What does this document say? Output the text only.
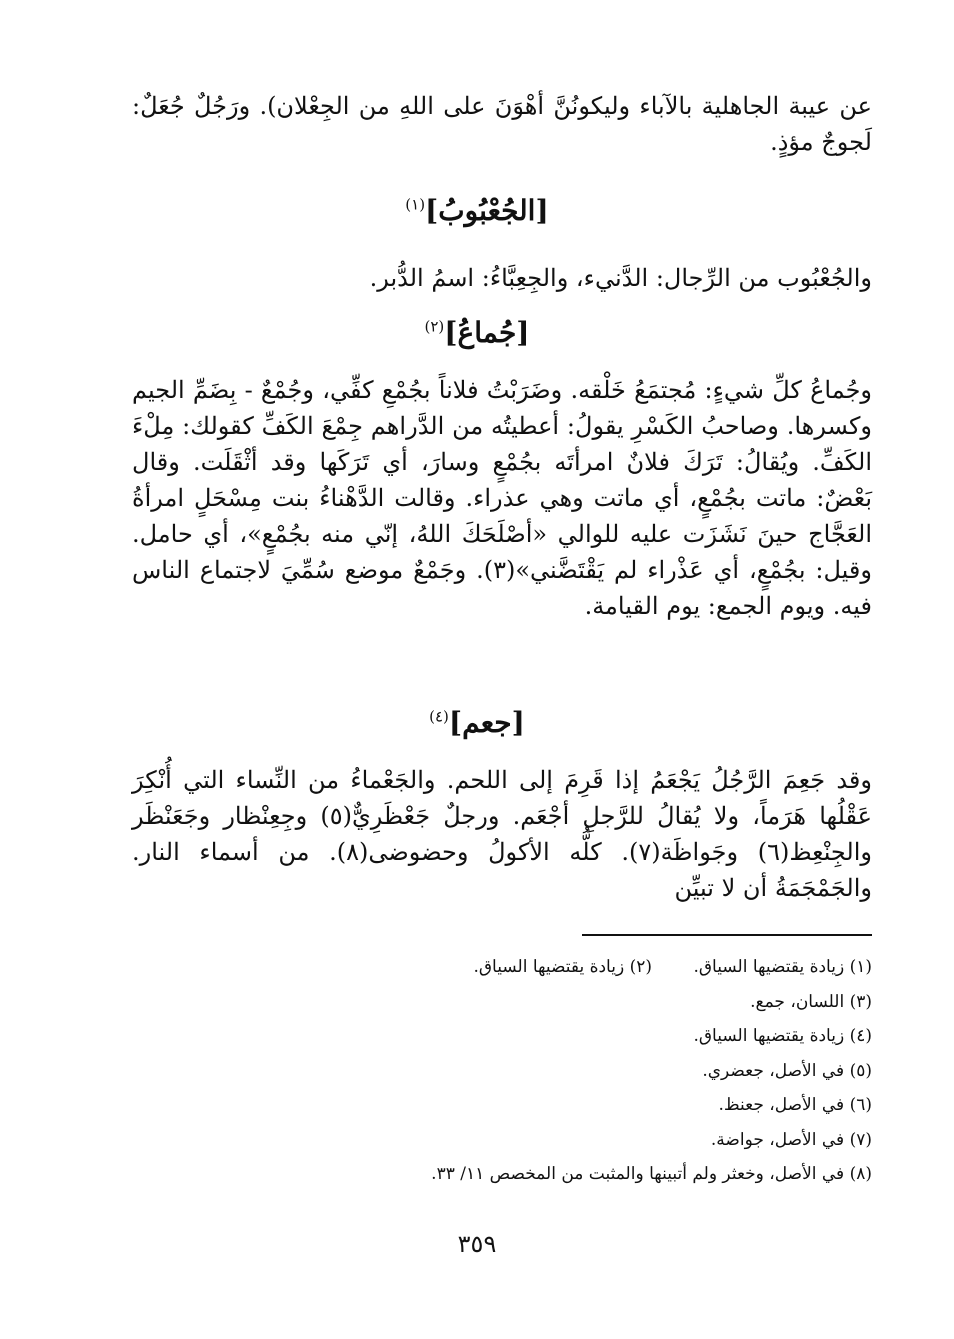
عن عيبة الجاهلية بالآباء وليكونُنَّ أهْوَنَ على اللهِ من الجِعْلان). ورَجُلٌ جُعَلٌ: لَجوجٌ مؤذٍ.

[الجُعْبُوبُ]$^{(١)}$

والجُعْبُوب من الرِّجال: الدَّنيء، والجِعِبَّاءُ: اسمُ الدُّبر.

[جُماعُ]$^{(٢)}$

وجُماعُ كلِّ شيءٍ: مُجتمَعُ خَلْقه. وضَرَبْتُ فلاناً بجُمْعِ كفِّي، وجُمْعٌ - بِضَمِّ الجيم وكسرها. وصاحبُ الكَسْرِ يقولُ: أعطيتُه من الدَّراهم جِمْعَ الكَفِّ كقولك: مِلْءَ الكَفِّ. ويُقالُ: تَرَكَ فلانٌ امرأتَه بجُمْعٍ وسارَ، أي تَرَكَها وقد أثْقَلَت. وقال بَعْضٌ: ماتت بجُمْعٍ، أي ماتت وهي عذراء. وقالت الدَّهْناءُ بنت مِسْحَلٍ امرأةُ العَجَّاج حينَ نَشَزَت عليه للوالي «أصْلَحَكَ اللهُ، إنّي منه بجُمْعٍ»، أي حامل. وقيل: بجُمْعٍ، أي عَذْراء لم يَقْتَضَّني»(٣). وجَمْعٌ موضع سُمِّيَ لاجتماع الناس فيه. ويوم الجمع: يوم القيامة.

[جعم]$^{(٤)}$

وقد جَعِمَ الرَّجُلُ يَجْعَمُ إذا قَرِمَ إلى اللحم. والجَعْماءُ من النِّساء التي أُنْكِرَ عَقْلُها هَرَماً، ولا يُقالُ للرَّجلِ أجْعَم. ورجلٌ جَعْظَرِيٌّ(٥) وجِعِنْظار وجَعَنْظَر والجِنْعِظ(٦) وجَواظَة(٧). كلُّه الأكولُ وحضوضى(٨). من أسماء النار. والجَمْجَمَةُ أن لا تبيِّن

(١) زيادة يقتضيها السياق.
(٢) زيادة يقتضيها السياق.
(٣) اللسان، جمع.
(٤) زيادة يقتضيها السياق.
(٥) في الأصل، جعضري.
(٦) في الأصل، جعنظ.
(٧) في الأصل، جواضة.
(٨) في الأصل، وخعثر ولم أتبينها والمثبت من المخصص ١١/ ٣٣.

٣٥٩
